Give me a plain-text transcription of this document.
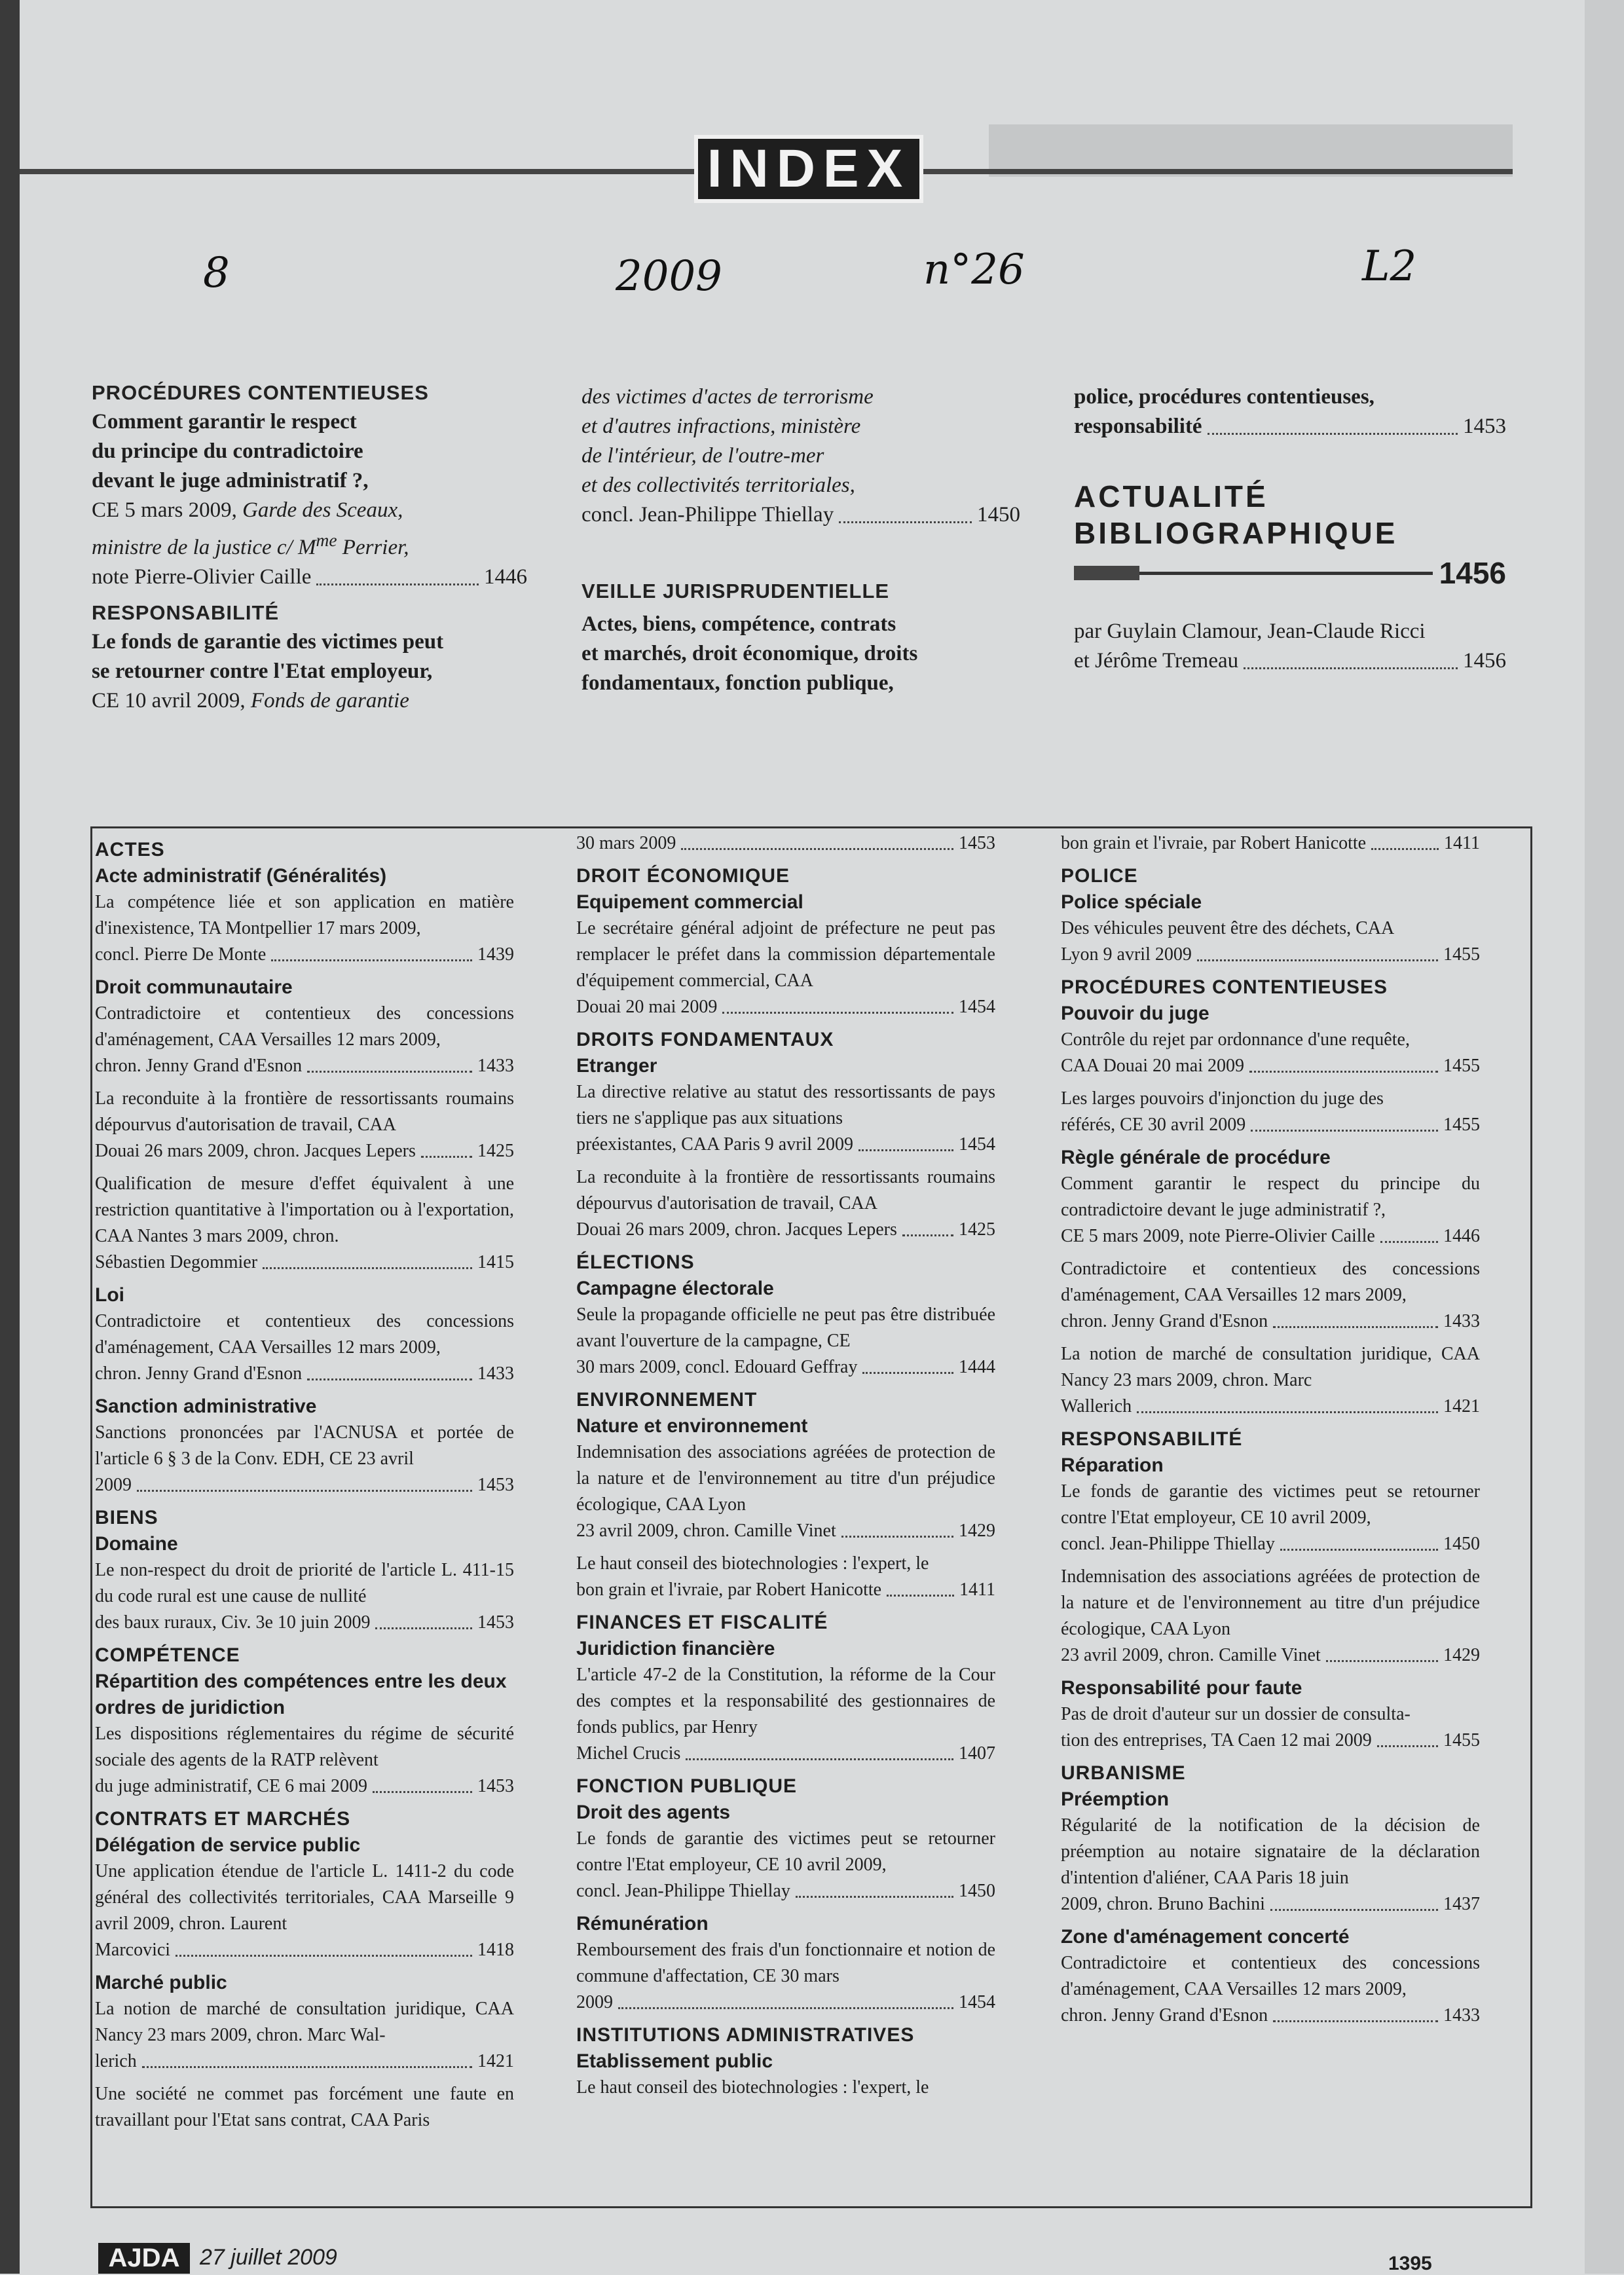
INDEX
8	2009	n°26	L2
PROCÉDURES CONTENTIEUSES
Comment garantir le respect
du principe du contradictoire
devant le juge administratif ?,
CE 5 mars 2009, Garde des Sceaux,
ministre de la justice c/ $M^{me}$ Perrier,
note Pierre-Olivier Caille	1446
RESPONSABILITÉ
Le fonds de garantie des victimes peut
se retourner contre l'Etat employeur,
CE 10 avril 2009, Fonds de garantie
des victimes d'actes de terrorisme
et d'autres infractions, ministère
de l'intérieur, de l'outre-mer
et des collectivités territoriales,
concl. Jean-Philippe Thiellay	1450
VEILLE JURISPRUDENTIELLE
Actes, biens, compétence, contrats
et marchés, droit économique, droits
fondamentaux, fonction publique,
police, procédures contentieuses,
responsabilité	1453
ACTUALITÉ
BIBLIOGRAPHIQUE
1456
par Guylain Clamour, Jean-Claude Ricci
et Jérôme Tremeau	1456
ACTES
Acte administratif (Généralités)
La compétence liée et son application en matière d'inexistence, TA Montpellier 17 mars 2009,
concl. Pierre De Monte	1439
Droit communautaire
Contradictoire et contentieux des concessions d'aménagement, CAA Versailles 12 mars 2009,
chron. Jenny Grand d'Esnon	1433
La reconduite à la frontière de ressortissants roumains dépourvus d'autorisation de travail, CAA
Douai 26 mars 2009, chron. Jacques Lepers	1425
Qualification de mesure d'effet équivalent à une restriction quantitative à l'importation ou à l'exportation, CAA Nantes 3 mars 2009, chron.
Sébastien Degommier	1415
Loi
Contradictoire et contentieux des concessions d'aménagement, CAA Versailles 12 mars 2009,
chron. Jenny Grand d'Esnon	1433
Sanction administrative
Sanctions prononcées par l'ACNUSA et portée de l'article 6 § 3 de la Conv. EDH, CE 23 avril
2009	1453
BIENS
Domaine
Le non-respect du droit de priorité de l'article L. 411-15 du code rural est une cause de nullité
des baux ruraux, Civ. 3e 10 juin 2009	1453
COMPÉTENCE
Répartition des compétences entre les deux ordres de juridiction
Les dispositions réglementaires du régime de sécurité sociale des agents de la RATP relèvent
du juge administratif, CE 6 mai 2009	1453
CONTRATS ET MARCHÉS
Délégation de service public
Une application étendue de l'article L. 1411-2 du code général des collectivités territoriales, CAA Marseille 9 avril 2009, chron. Laurent
Marcovici	1418
Marché public
La notion de marché de consultation juridique, CAA Nancy 23 mars 2009, chron. Marc Wal-
lerich	1421
Une société ne commet pas forcément une faute en travaillant pour l'Etat sans contrat, CAA Paris
30 mars 2009	1453
DROIT ÉCONOMIQUE
Equipement commercial
Le secrétaire général adjoint de préfecture ne peut pas remplacer le préfet dans la commission départementale d'équipement commercial, CAA
Douai 20 mai 2009	1454
DROITS FONDAMENTAUX
Etranger
La directive relative au statut des ressortissants de pays tiers ne s'applique pas aux situations
préexistantes, CAA Paris 9 avril 2009	1454
La reconduite à la frontière de ressortissants roumains dépourvus d'autorisation de travail, CAA
Douai 26 mars 2009, chron. Jacques Lepers	1425
ÉLECTIONS
Campagne électorale
Seule la propagande officielle ne peut pas être distribuée avant l'ouverture de la campagne, CE
30 mars 2009, concl. Edouard Geffray	1444
ENVIRONNEMENT
Nature et environnement
Indemnisation des associations agréées de protection de la nature et de l'environnement au titre d'un préjudice écologique, CAA Lyon
23 avril 2009, chron. Camille Vinet	1429
Le haut conseil des biotechnologies : l'expert, le
bon grain et l'ivraie, par Robert Hanicotte	1411
FINANCES ET FISCALITÉ
Juridiction financière
L'article 47-2 de la Constitution, la réforme de la Cour des comptes et la responsabilité des gestionnaires de fonds publics, par Henry
Michel Crucis	1407
FONCTION PUBLIQUE
Droit des agents
Le fonds de garantie des victimes peut se retourner contre l'Etat employeur, CE 10 avril 2009,
concl. Jean-Philippe Thiellay	1450
Rémunération
Remboursement des frais d'un fonctionnaire et notion de commune d'affectation, CE 30 mars
2009	1454
INSTITUTIONS ADMINISTRATIVES
Etablissement public
Le haut conseil des biotechnologies : l'expert, le
bon grain et l'ivraie, par Robert Hanicotte	1411
POLICE
Police spéciale
Des véhicules peuvent être des déchets, CAA
Lyon 9 avril 2009	1455
PROCÉDURES CONTENTIEUSES
Pouvoir du juge
Contrôle du rejet par ordonnance d'une requête,
CAA Douai 20 mai 2009	1455
Les larges pouvoirs d'injonction du juge des
référés, CE 30 avril 2009	1455
Règle générale de procédure
Comment garantir le respect du principe du contradictoire devant le juge administratif ?,
CE 5 mars 2009, note Pierre-Olivier Caille	1446
Contradictoire et contentieux des concessions d'aménagement, CAA Versailles 12 mars 2009,
chron. Jenny Grand d'Esnon	1433
La notion de marché de consultation juridique, CAA Nancy 23 mars 2009, chron. Marc
Wallerich	1421
RESPONSABILITÉ
Réparation
Le fonds de garantie des victimes peut se retourner contre l'Etat employeur, CE 10 avril 2009,
concl. Jean-Philippe Thiellay	1450
Indemnisation des associations agréées de protection de la nature et de l'environnement au titre d'un préjudice écologique, CAA Lyon
23 avril 2009, chron. Camille Vinet	1429
Responsabilité pour faute
Pas de droit d'auteur sur un dossier de consulta-
tion des entreprises, TA Caen 12 mai 2009	1455
URBANISME
Préemption
Régularité de la notification de la décision de préemption au notaire signataire de la déclaration d'intention d'aliéner, CAA Paris 18 juin
2009, chron. Bruno Bachini	1437
Zone d'aménagement concerté
Contradictoire et contentieux des concessions d'aménagement, CAA Versailles 12 mars 2009,
chron. Jenny Grand d'Esnon	1433
AJDA 27 juillet 2009	1395
